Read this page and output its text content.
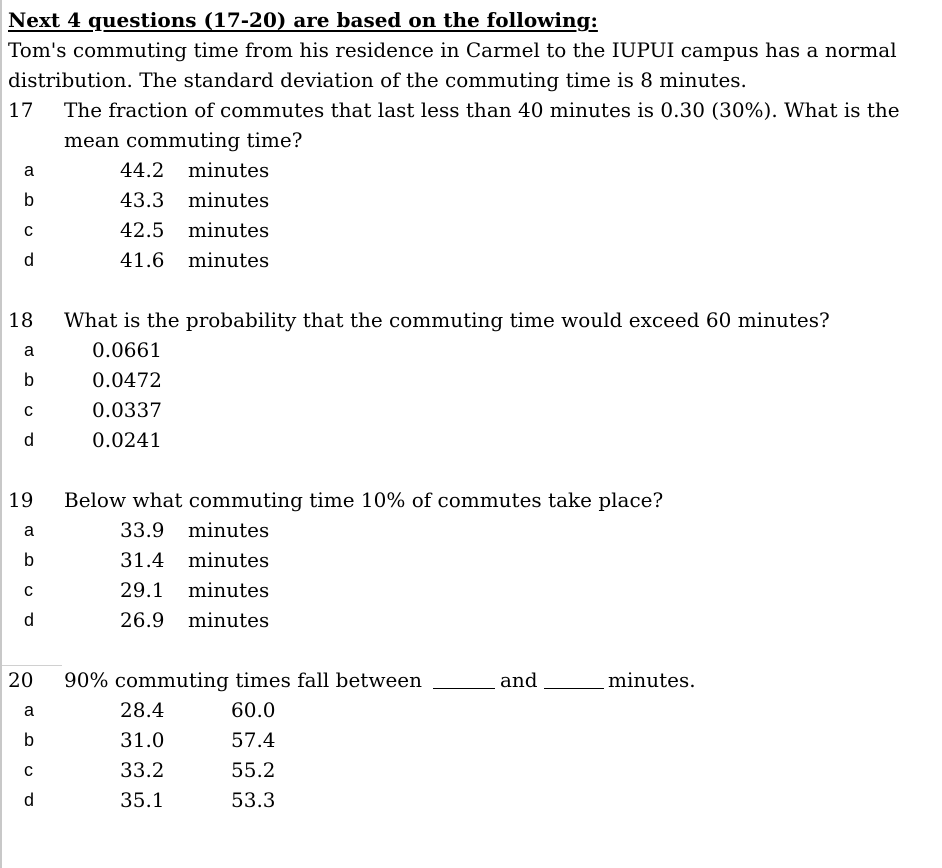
Next 4 questions (17-20) are based on the following:
Tom's commuting time from his residence in Carmel to the IUPUI campus has a normal
distribution. The standard deviation of the commuting time is 8 minutes.
17 The fraction of commutes that last less than 40 minutes is 0.30 (30%). What is the
mean commuting time?
a	44.2 minutes
b	43.3 minutes
c	42.5 minutes
d	41.6 minutes
18 What is the probability that the commuting time would exceed 60 minutes?
a	0.0661
b	0.0472
c	0.0337
d	0.0241
19 Below what commuting time 10% of commutes take place?
a	33.9 minutes
b	31.4 minutes
c	29.1 minutes
d	26.9 minutes
20 90% commuting times fall between	and	minutes.
a	28.4	60.0
b	31.0	57.4
c	33.2	55.2
d	35.1	53.3
